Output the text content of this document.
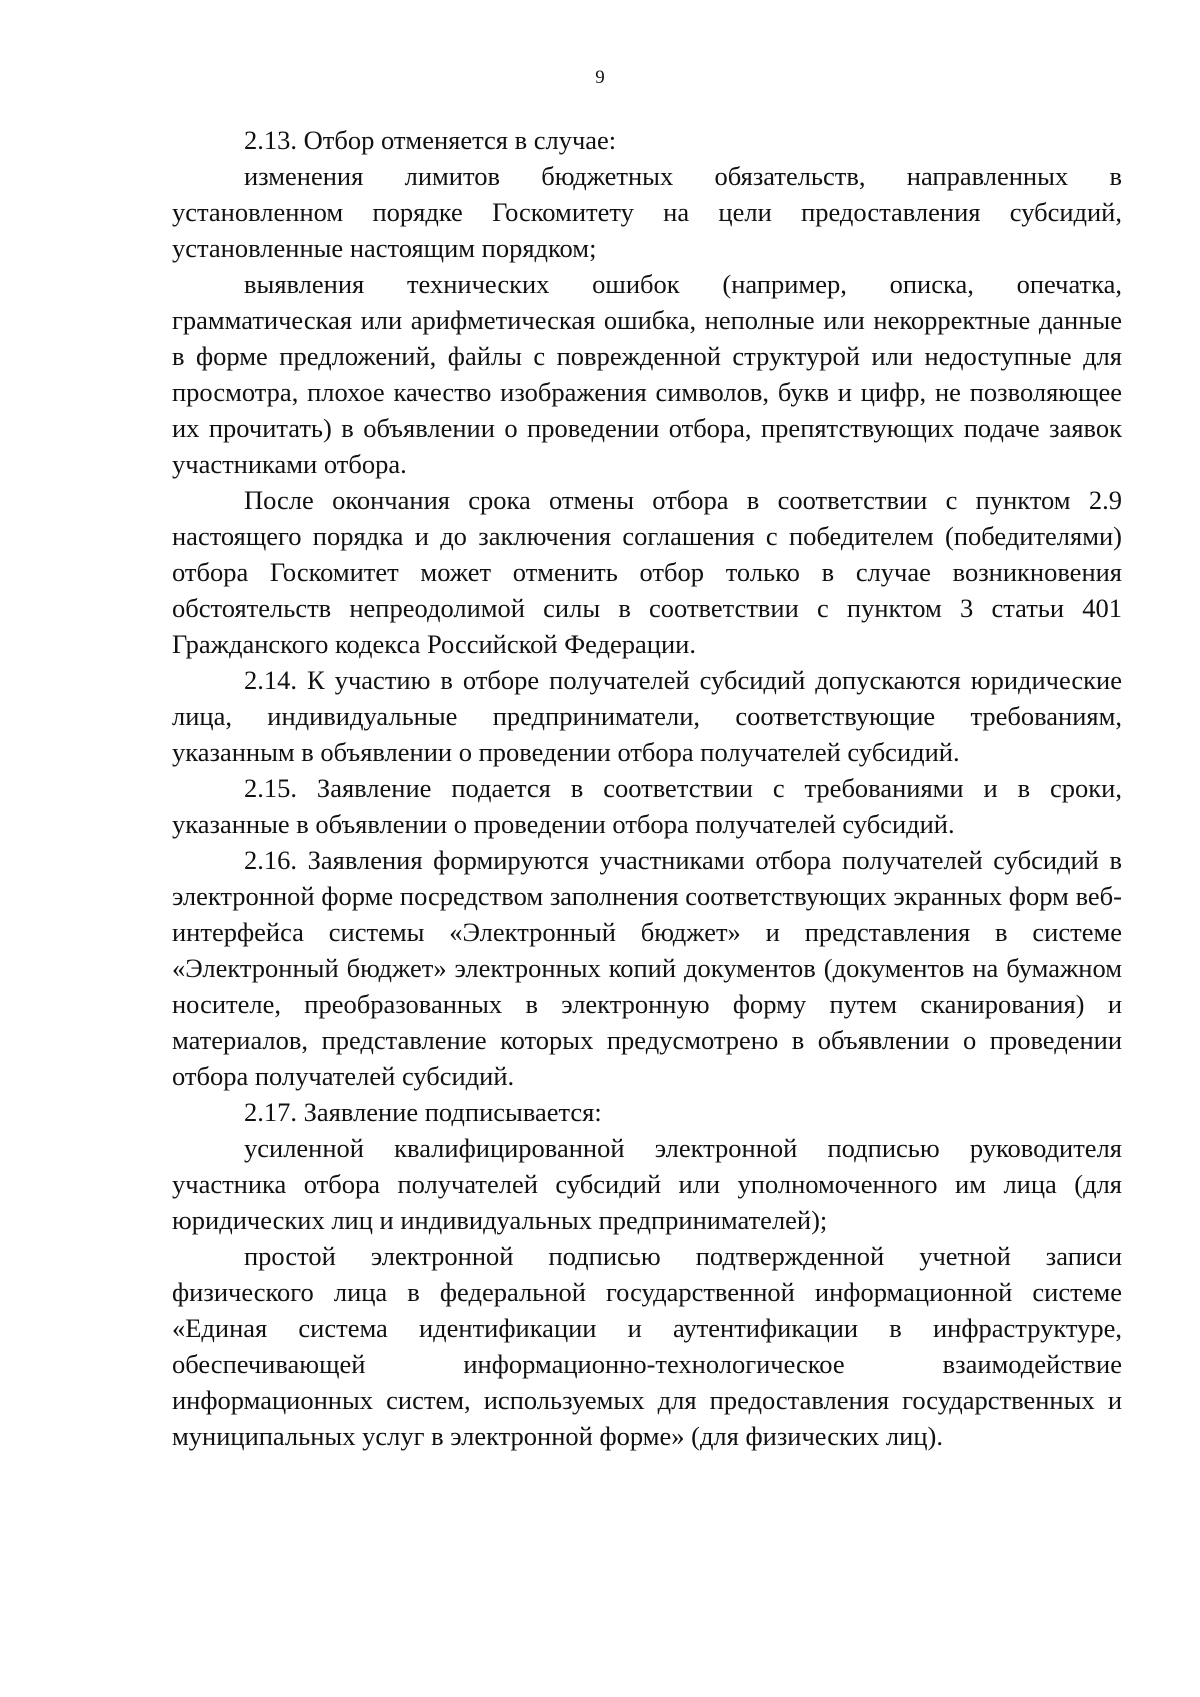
9

2.13. Отбор отменяется в случае:

изменения лимитов бюджетных обязательств, направленных в установленном порядке Госкомитету на цели предоставления субсидий, установленные настоящим порядком;

выявления технических ошибок (например, описка, опечатка, грамматическая или арифметическая ошибка, неполные или некорректные данные в форме предложений, файлы с поврежденной структурой или недоступные для просмотра, плохое качество изображения символов, букв и цифр, не позволяющее их прочитать) в объявлении о проведении отбора, препятствующих подаче заявок участниками отбора.

После окончания срока отмены отбора в соответствии с пунктом 2.9 настоящего порядка и до заключения соглашения с победителем (победителями) отбора Госкомитет может отменить отбор только в случае возникновения обстоятельств непреодолимой силы в соответствии с пунктом 3 статьи 401 Гражданского кодекса Российской Федерации.

2.14. К участию в отборе получателей субсидий допускаются юридические лица, индивидуальные предприниматели, соответствующие требованиям, указанным в объявлении о проведении отбора получателей субсидий.

2.15. Заявление подается в соответствии с требованиями и в сроки, указанные в объявлении о проведении отбора получателей субсидий.

2.16. Заявления формируются участниками отбора получателей субсидий в электронной форме посредством заполнения соответствующих экранных форм веб-интерфейса системы «Электронный бюджет» и представления в системе «Электронный бюджет» электронных копий документов (документов на бумажном носителе, преобразованных в электронную форму путем сканирования) и материалов, представление которых предусмотрено в объявлении о проведении отбора получателей субсидий.

2.17. Заявление подписывается:

усиленной квалифицированной электронной подписью руководителя участника отбора получателей субсидий или уполномоченного им лица (для юридических лиц и индивидуальных предпринимателей);

простой электронной подписью подтвержденной учетной записи физического лица в федеральной государственной информационной системе «Единая система идентификации и аутентификации в инфраструктуре, обеспечивающей информационно-технологическое взаимодействие информационных систем, используемых для предоставления государственных и муниципальных услуг в электронной форме» (для физических лиц).
